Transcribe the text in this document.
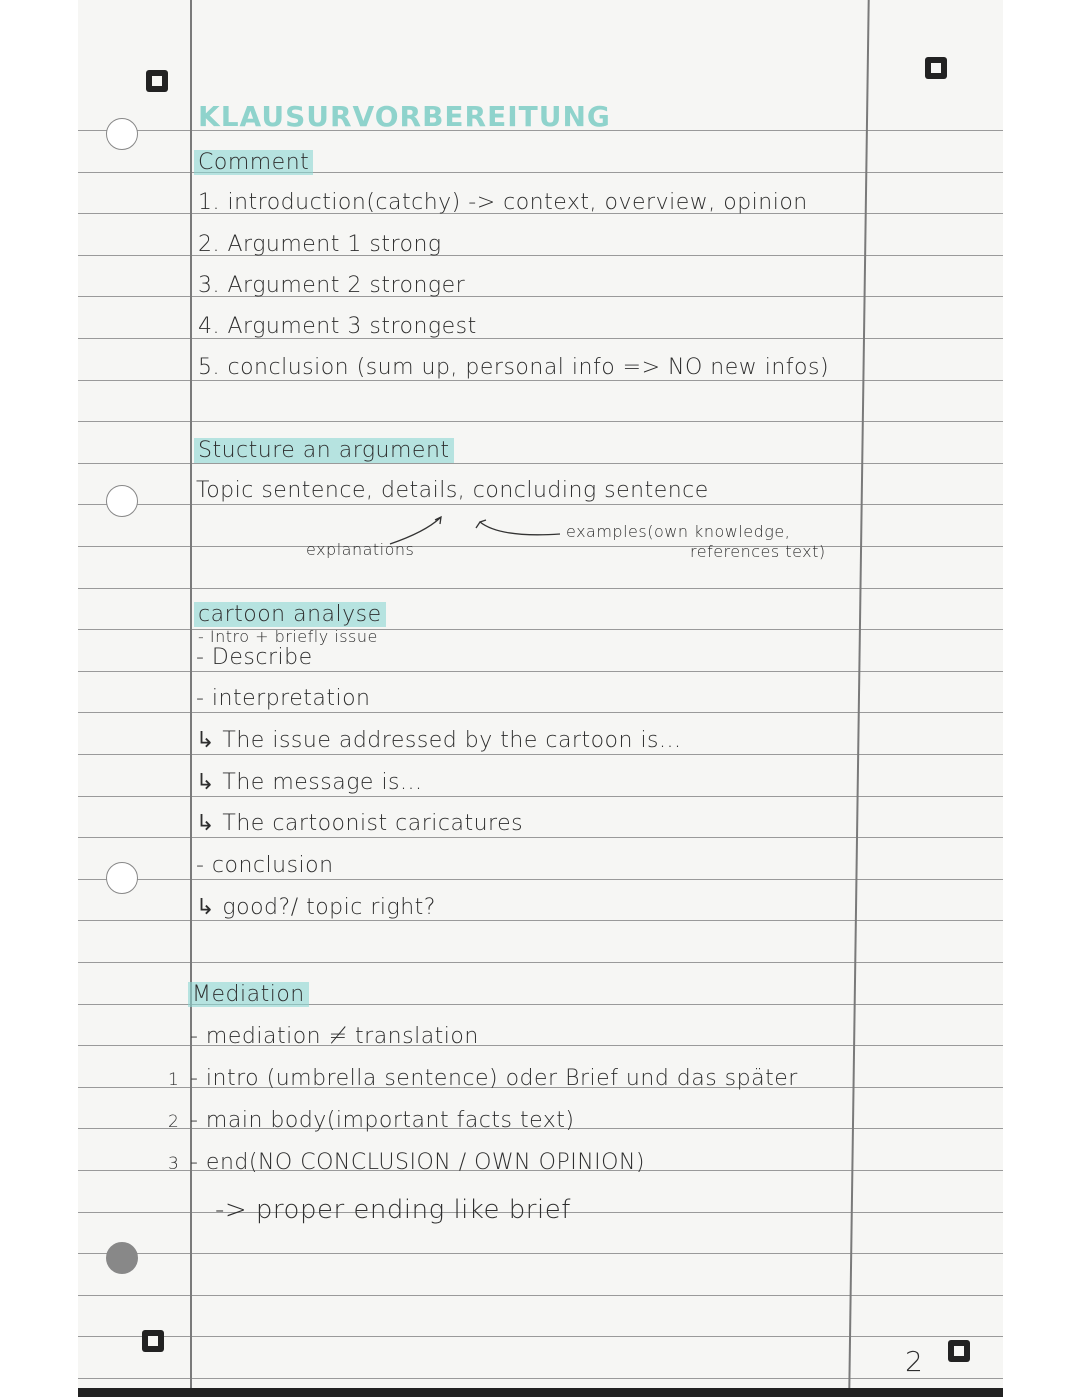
KLAUSURVORBEREITUNG
Comment
1. introduction(catchy) -> context, overview, opinion
2. Argument 1 strong
3. Argument 2 stronger
4. Argument 3 strongest
5. conclusion (sum up, personal info => NO new infos)
Stucture an argument
Topic sentence, details, concluding sentence
explanations
examples(own knowledge,
references text)
cartoon analyse
- Intro + briefly issue
- Describe
- interpretation
↳ The issue addressed by the cartoon is...
↳ The message is...
↳ The cartoonist caricatures
- conclusion
↳ good?/ topic right?
Mediation
- mediation ≠ translation
1 - intro (umbrella sentence) oder Brief und das später
2 - main body(important facts text)
3 - end(NO CONCLUSION / OWN OPINION)
-> proper ending like brief
2
